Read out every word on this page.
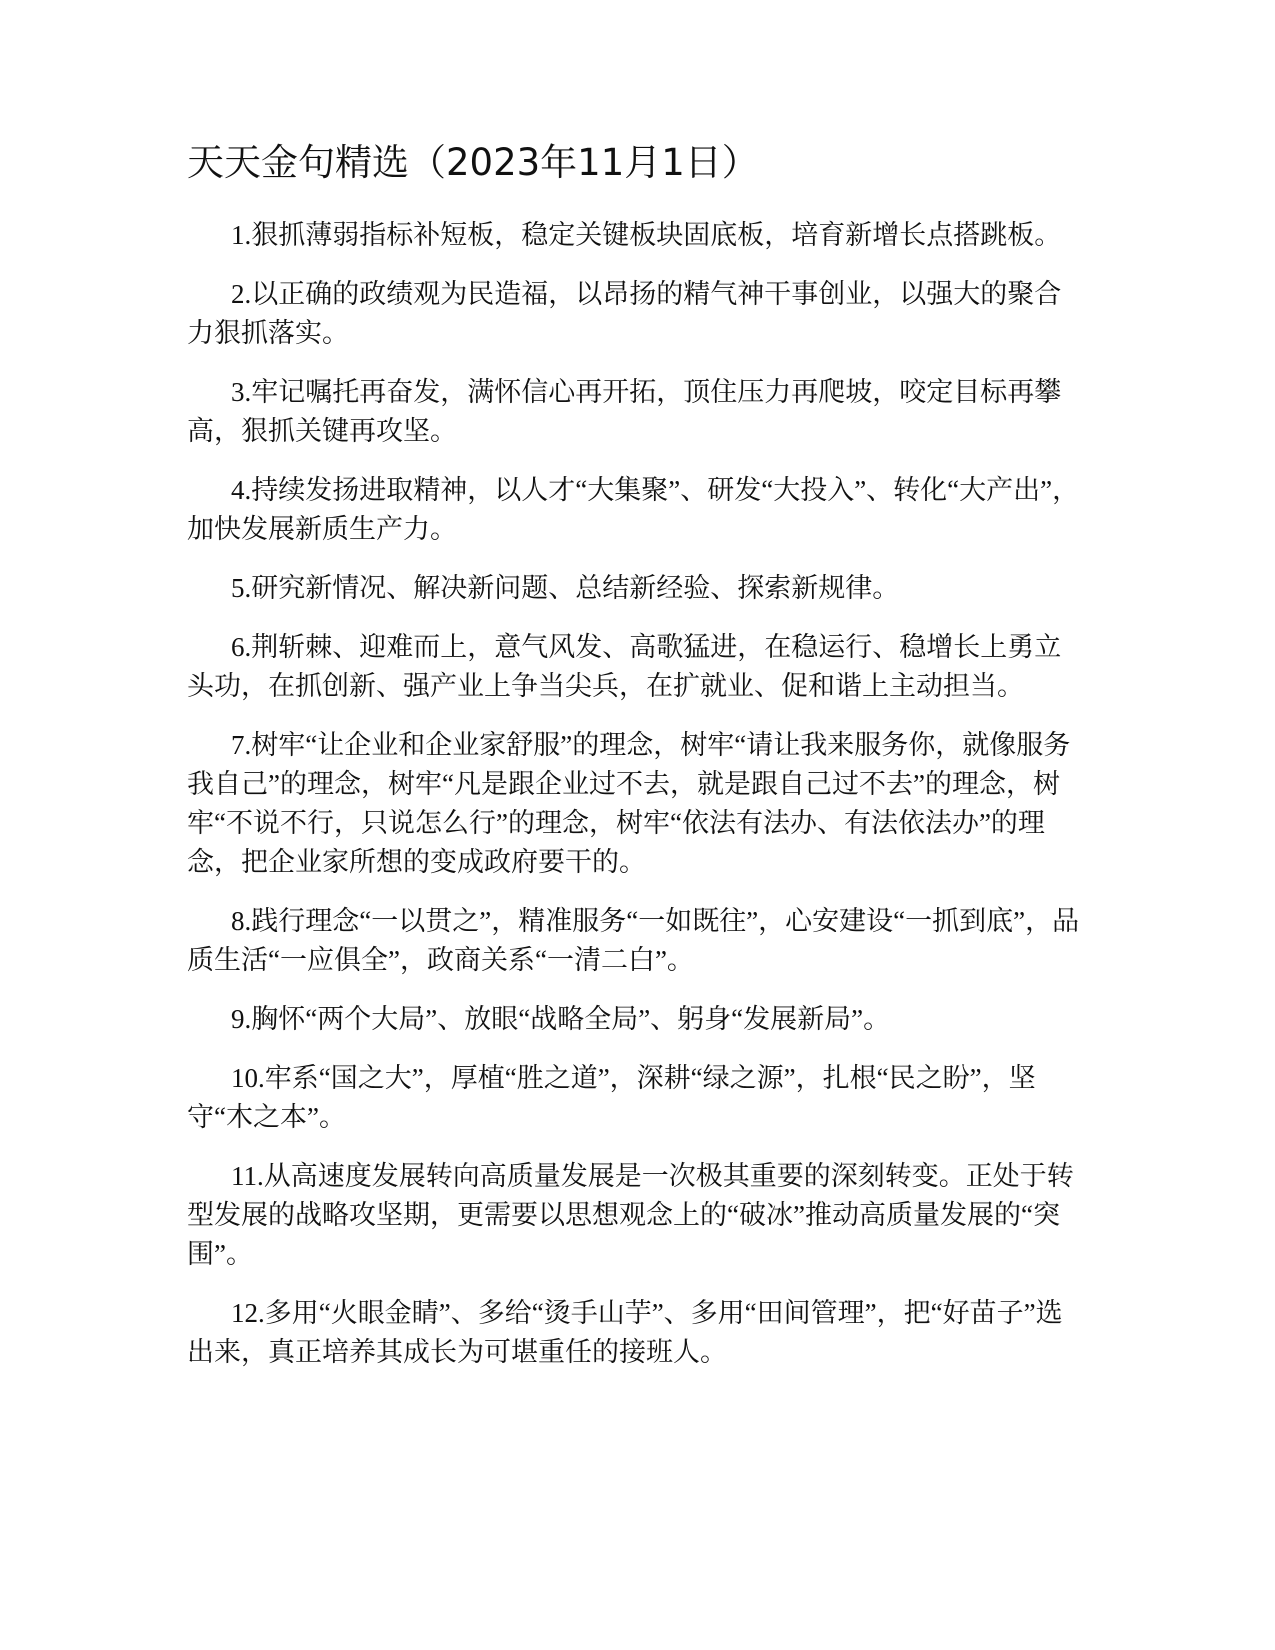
天天金句精选（2023年11月1日）

1.狠抓薄弱指标补短板，稳定关键板块固底板，培育新增长点搭跳板。

2.以正确的政绩观为民造福，以昂扬的精气神干事创业，以强大的聚合力狠抓落实。

3.牢记嘱托再奋发，满怀信心再开拓，顶住压力再爬坡，咬定目标再攀高，狠抓关键再攻坚。

4.持续发扬进取精神，以人才“大集聚”、研发“大投入”、转化“大产出”，加快发展新质生产力。

5.研究新情况、解决新问题、总结新经验、探索新规律。

6.荆斩棘、迎难而上，意气风发、高歌猛进，在稳运行、稳增长上勇立头功，在抓创新、强产业上争当尖兵，在扩就业、促和谐上主动担当。

7.树牢“让企业和企业家舒服”的理念，树牢“请让我来服务你，就像服务我自己”的理念，树牢“凡是跟企业过不去，就是跟自己过不去”的理念，树牢“不说不行，只说怎么行”的理念，树牢“依法有法办、有法依法办”的理念，把企业家所想的变成政府要干的。

8.践行理念“一以贯之”，精准服务“一如既往”，心安建设“一抓到底”，品质生活“一应俱全”，政商关系“一清二白”。

9.胸怀“两个大局”、放眼“战略全局”、躬身“发展新局”。

10.牢系“国之大”，厚植“胜之道”，深耕“绿之源”，扎根“民之盼”，坚守“木之本”。

11.从高速度发展转向高质量发展是一次极其重要的深刻转变。正处于转型发展的战略攻坚期，更需要以思想观念上的“破冰”推动高质量发展的“突围”。

12.多用“火眼金睛”、多给“烫手山芋”、多用“田间管理”，把“好苗子”选出来，真正培养其成长为可堪重任的接班人。
